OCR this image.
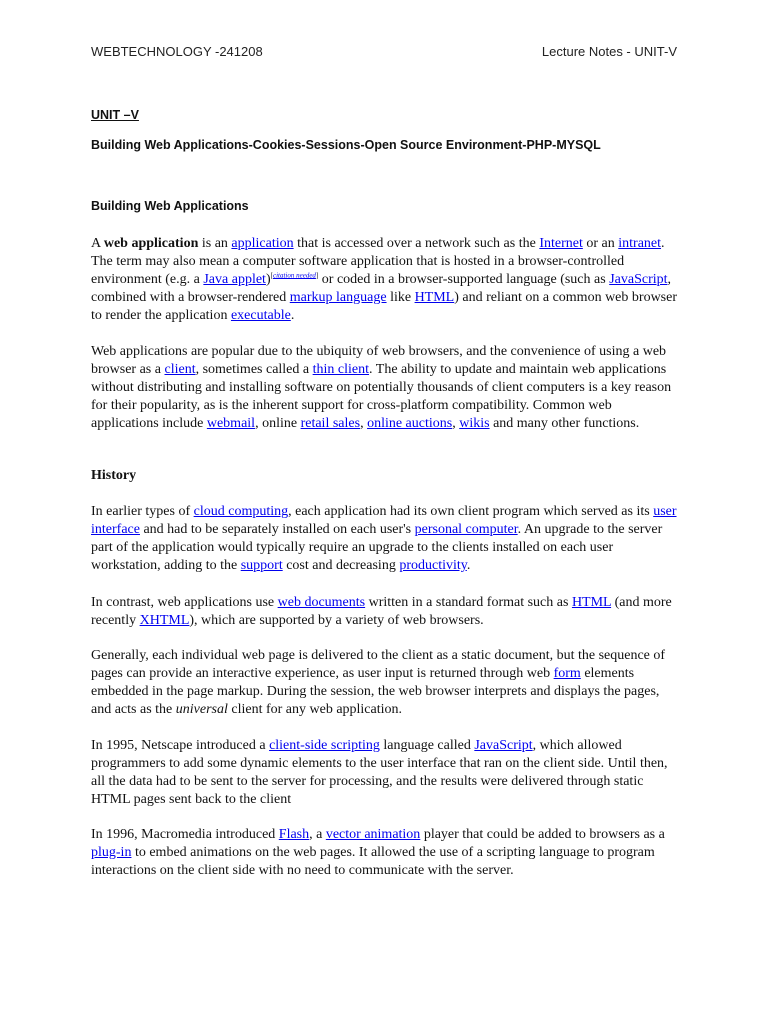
WEBTECHNOLOGY -241208	Lecture Notes - UNIT-V
UNIT –V
Building Web Applications-Cookies-Sessions-Open Source Environment-PHP-MYSQL
Building Web Applications

A web application is an application that is accessed over a network such as the Internet or an intranet. The term may also mean a computer software application that is hosted in a browser-controlled environment (e.g. a Java applet)[citation needed] or coded in a browser-supported language (such as JavaScript, combined with a browser-rendered markup language like HTML) and reliant on a common web browser to render the application executable.

Web applications are popular due to the ubiquity of web browsers, and the convenience of using a web browser as a client, sometimes called a thin client. The ability to update and maintain web applications without distributing and installing software on potentially thousands of client computers is a key reason for their popularity, as is the inherent support for cross-platform compatibility. Common web applications include webmail, online retail sales, online auctions, wikis and many other functions.

History

In earlier types of cloud computing, each application had its own client program which served as its user interface and had to be separately installed on each user's personal computer. An upgrade to the server part of the application would typically require an upgrade to the clients installed on each user workstation, adding to the support cost and decreasing productivity.

In contrast, web applications use web documents written in a standard format such as HTML (and more recently XHTML), which are supported by a variety of web browsers.

Generally, each individual web page is delivered to the client as a static document, but the sequence of pages can provide an interactive experience, as user input is returned through web form elements embedded in the page markup. During the session, the web browser interprets and displays the pages, and acts as the universal client for any web application.

In 1995, Netscape introduced a client-side scripting language called JavaScript, which allowed programmers to add some dynamic elements to the user interface that ran on the client side. Until then, all the data had to be sent to the server for processing, and the results were delivered through static HTML pages sent back to the client

In 1996, Macromedia introduced Flash, a vector animation player that could be added to browsers as a plug-in to embed animations on the web pages. It allowed the use of a scripting language to program interactions on the client side with no need to communicate with the server.
